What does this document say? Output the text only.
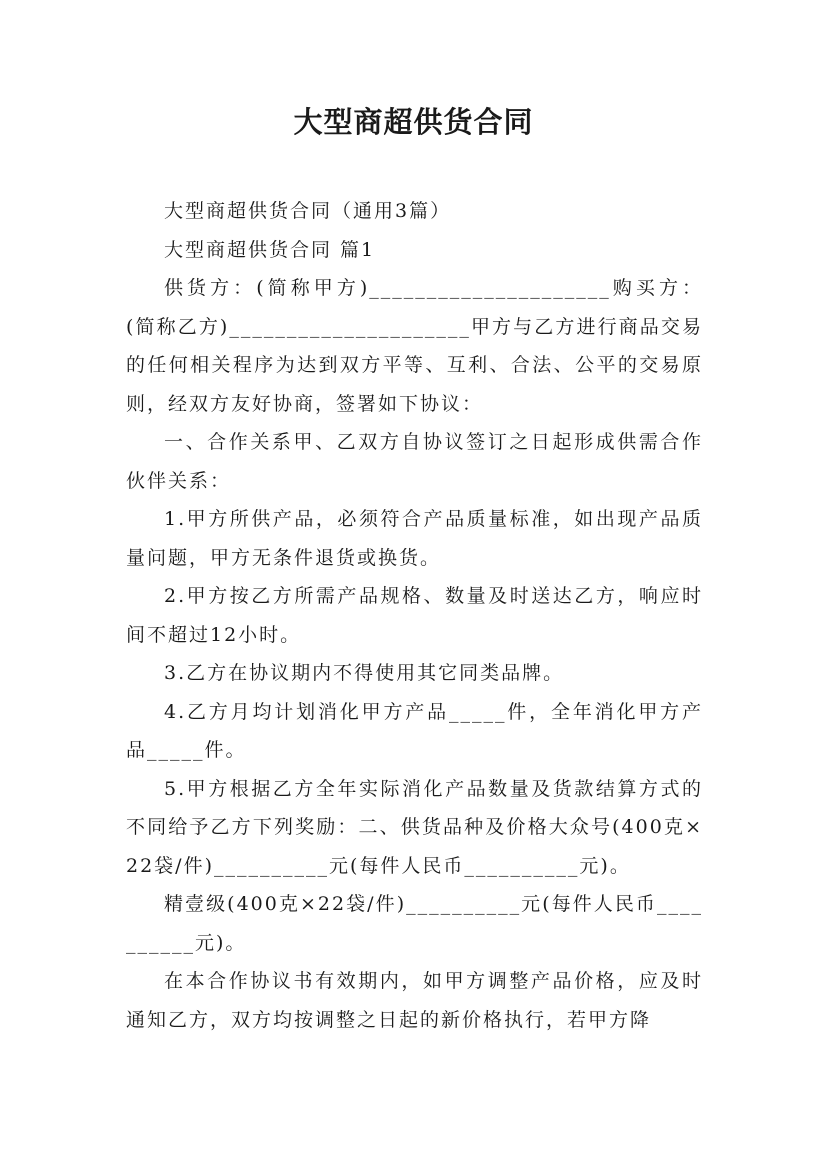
大型商超供货合同

大型商超供货合同（通用3篇）

大型商超供货合同 篇1

供货方：(简称甲方)_____________________购买方：(简称乙方)_____________________甲方与乙方进行商品交易的任何相关程序为达到双方平等、互利、合法、公平的交易原则，经双方友好协商，签署如下协议：

一、合作关系甲、乙双方自协议签订之日起形成供需合作伙伴关系：

1.甲方所供产品，必须符合产品质量标准，如出现产品质量问题，甲方无条件退货或换货。

2.甲方按乙方所需产品规格、数量及时送达乙方，响应时间不超过12小时。

3.乙方在协议期内不得使用其它同类品牌。

4.乙方月均计划消化甲方产品_____件，全年消化甲方产品_____件。

5.甲方根据乙方全年实际消化产品数量及货款结算方式的不同给予乙方下列奖励：二、供货品种及价格大众号(400克×22袋/件)__________元(每件人民币__________元)。

精壹级(400克×22袋/件)__________元(每件人民币__________元)。

在本合作协议书有效期内，如甲方调整产品价格，应及时通知乙方，双方均按调整之日起的新价格执行，若甲方降
